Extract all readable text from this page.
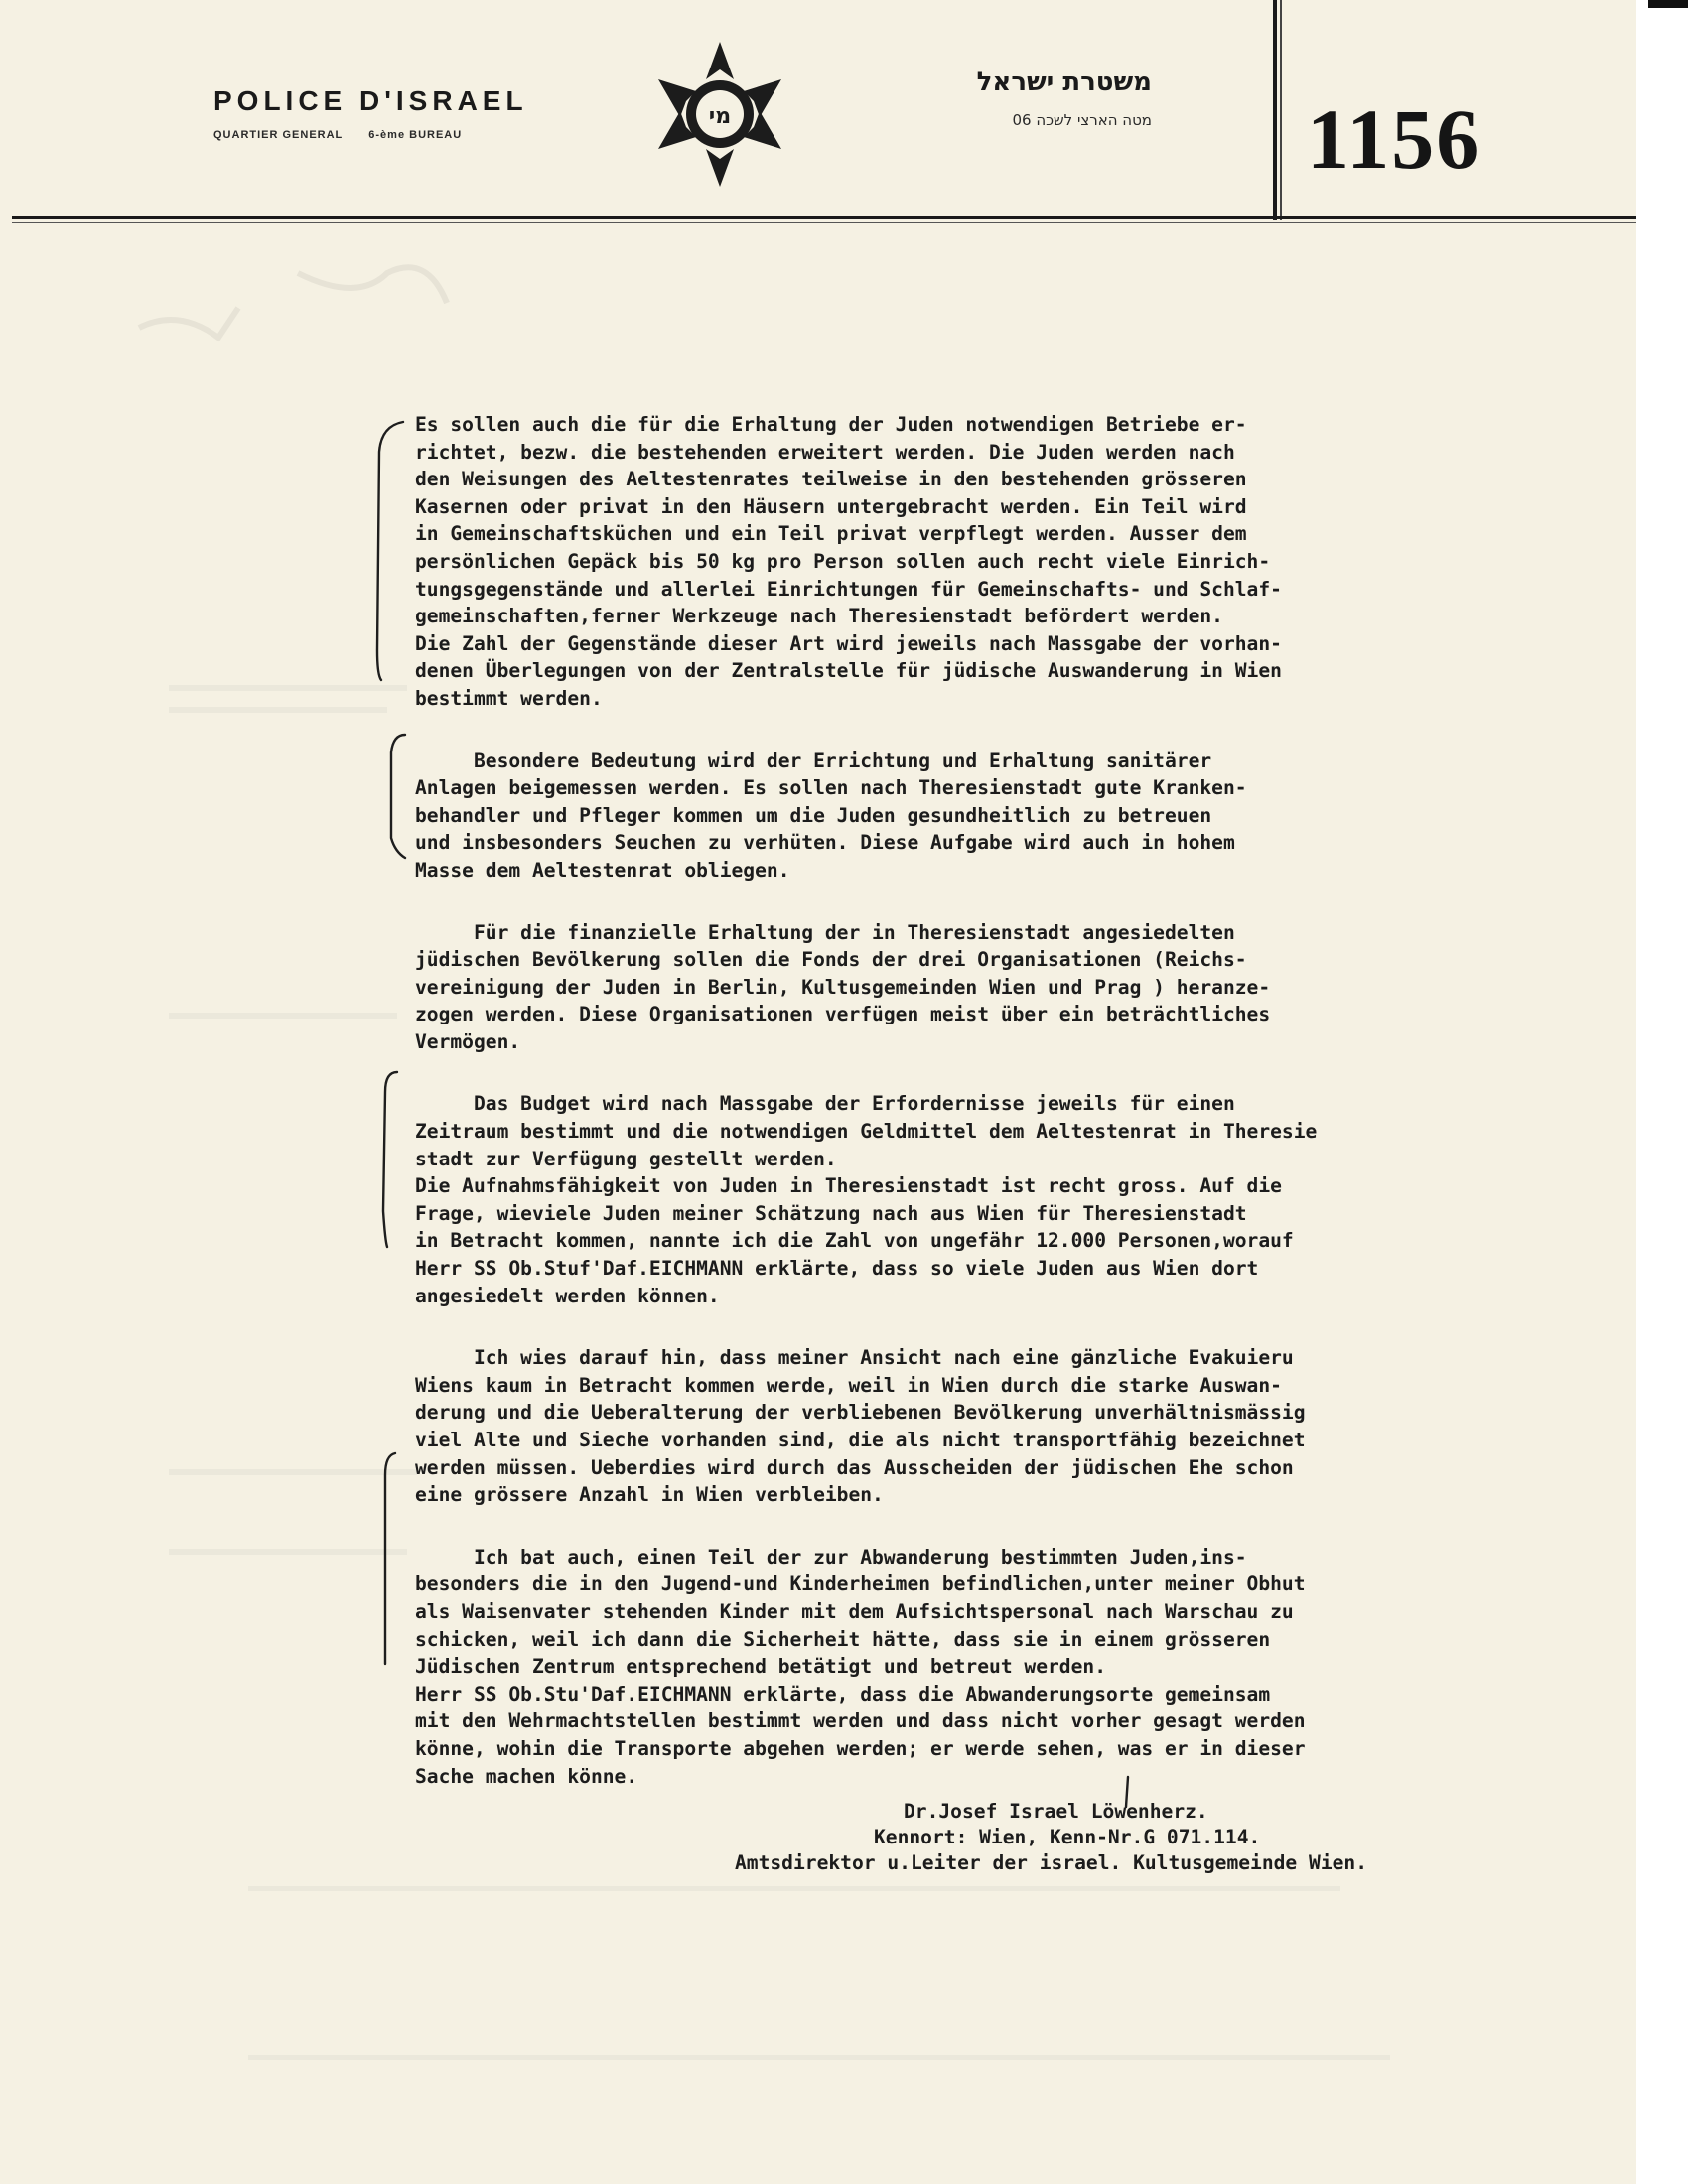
POLICE D'ISRAEL
QUARTIER GENERAL 6-ème BUREAU
מי
משטרת ישראל
מטה הארצי לשכה 06 1156
Es sollen auch die für die Erhaltung der Juden notwendigen Betriebe er-
richtet, bezw. die bestehenden erweitert werden. Die Juden werden nach
den Weisungen des Aeltestenrates teilweise in den bestehenden grösseren
Kasernen oder privat in den Häusern untergebracht werden. Ein Teil wird
in Gemeinschaftsküchen und ein Teil privat verpflegt werden. Ausser dem
persönlichen Gepäck bis 50 kg pro Person sollen auch recht viele Einrich-
tungsgegenstände und allerlei Einrichtungen für Gemeinschafts- und Schlaf-
gemeinschaften,ferner Werkzeuge nach Theresienstadt befördert werden.
Die Zahl der Gegenstände dieser Art wird jeweils nach Massgabe der vorhan-
denen Überlegungen von der Zentralstelle für jüdische Auswanderung in Wien
bestimmt werden.
Besondere Bedeutung wird der Errichtung und Erhaltung sanitärer
Anlagen beigemessen werden. Es sollen nach Theresienstadt gute Kranken-
behandler und Pfleger kommen um die Juden gesundheitlich zu betreuen
und insbesonders Seuchen zu verhüten. Diese Aufgabe wird auch in hohem
Masse dem Aeltestenrat obliegen.
Für die finanzielle Erhaltung der in Theresienstadt angesiedelten
jüdischen Bevölkerung sollen die Fonds der drei Organisationen (Reichs-
vereinigung der Juden in Berlin, Kultusgemeinden Wien und Prag ) heranze-
zogen werden. Diese Organisationen verfügen meist über ein beträchtliches
Vermögen.
Das Budget wird nach Massgabe der Erfordernisse jeweils für einen
Zeitraum bestimmt und die notwendigen Geldmittel dem Aeltestenrat in Theresie
stadt zur Verfügung gestellt werden.
Die Aufnahmsfähigkeit von Juden in Theresienstadt ist recht gross. Auf die
Frage, wieviele Juden meiner Schätzung nach aus Wien für Theresienstadt
in Betracht kommen, nannte ich die Zahl von ungefähr 12.000 Personen,worauf
Herr SS Ob.Stuf'Daf.EICHMANN erklärte, dass so viele Juden aus Wien dort
angesiedelt werden können.
Ich wies darauf hin, dass meiner Ansicht nach eine gänzliche Evakuieru
Wiens kaum in Betracht kommen werde, weil in Wien durch die starke Auswan-
derung und die Ueberalterung der verbliebenen Bevölkerung unverhältnismässig
viel Alte und Sieche vorhanden sind, die als nicht transportfähig bezeichnet
werden müssen. Ueberdies wird durch das Ausscheiden der jüdischen Ehe schon
eine grössere Anzahl in Wien verbleiben.
Ich bat auch, einen Teil der zur Abwanderung bestimmten Juden,ins-
besonders die in den Jugend-und Kinderheimen befindlichen,unter meiner Obhut
als Waisenvater stehenden Kinder mit dem Aufsichtspersonal nach Warschau zu
schicken, weil ich dann die Sicherheit hätte, dass sie in einem grösseren
Jüdischen Zentrum entsprechend betätigt und betreut werden.
Herr SS Ob.Stu'Daf.EICHMANN erklärte, dass die Abwanderungsorte gemeinsam
mit den Wehrmachtstellen bestimmt werden und dass nicht vorher gesagt werden
könne, wohin die Transporte abgehen werden; er werde sehen, was er in dieser
Sache machen könne.
Dr.Josef Israel Löwenherz.
Kennort: Wien, Kenn-Nr.G 071.114.
Amtsdirektor u.Leiter der israel. Kultusgemeinde Wien.
